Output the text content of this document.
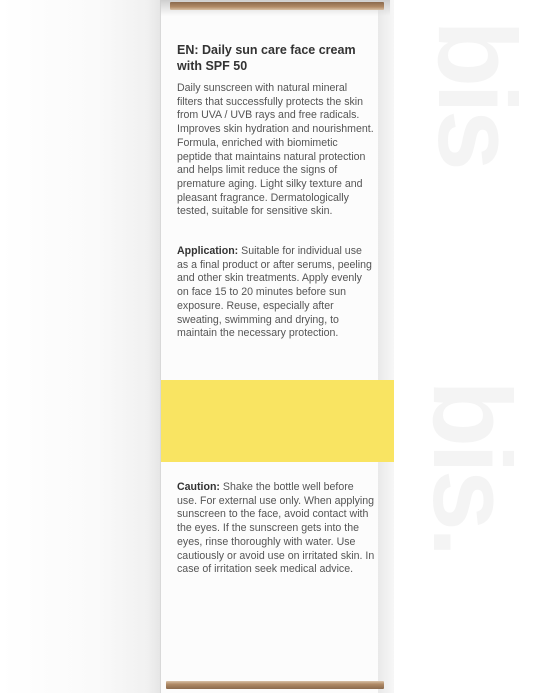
EN: Daily sun care face cream with SPF 50
Daily sunscreen with natural mineral filters that successfully protects the skin from UVA / UVB rays and free radicals. Improves skin hydration and nourishment. Formula, enriched with biomimetic peptide that maintains natural protection and helps limit reduce the signs of premature aging. Light silky texture and pleasant fragrance. Dermatologically tested, suitable for sensitive skin.
Application: Suitable for individual use as a final product or after serums, peeling and other skin treatments. Apply evenly on face 15 to 20 minutes before sun exposure. Reuse, especially after sweating, swimming and drying, to maintain the necessary protection.
Caution: Shake the bottle well before use. For external use only. When applying sunscreen to the face, avoid contact with the eyes. If the sunscreen gets into the eyes, rinse thoroughly with water. Use cautiously or avoid use on irritated skin. In case of irritation seek medical advice.
